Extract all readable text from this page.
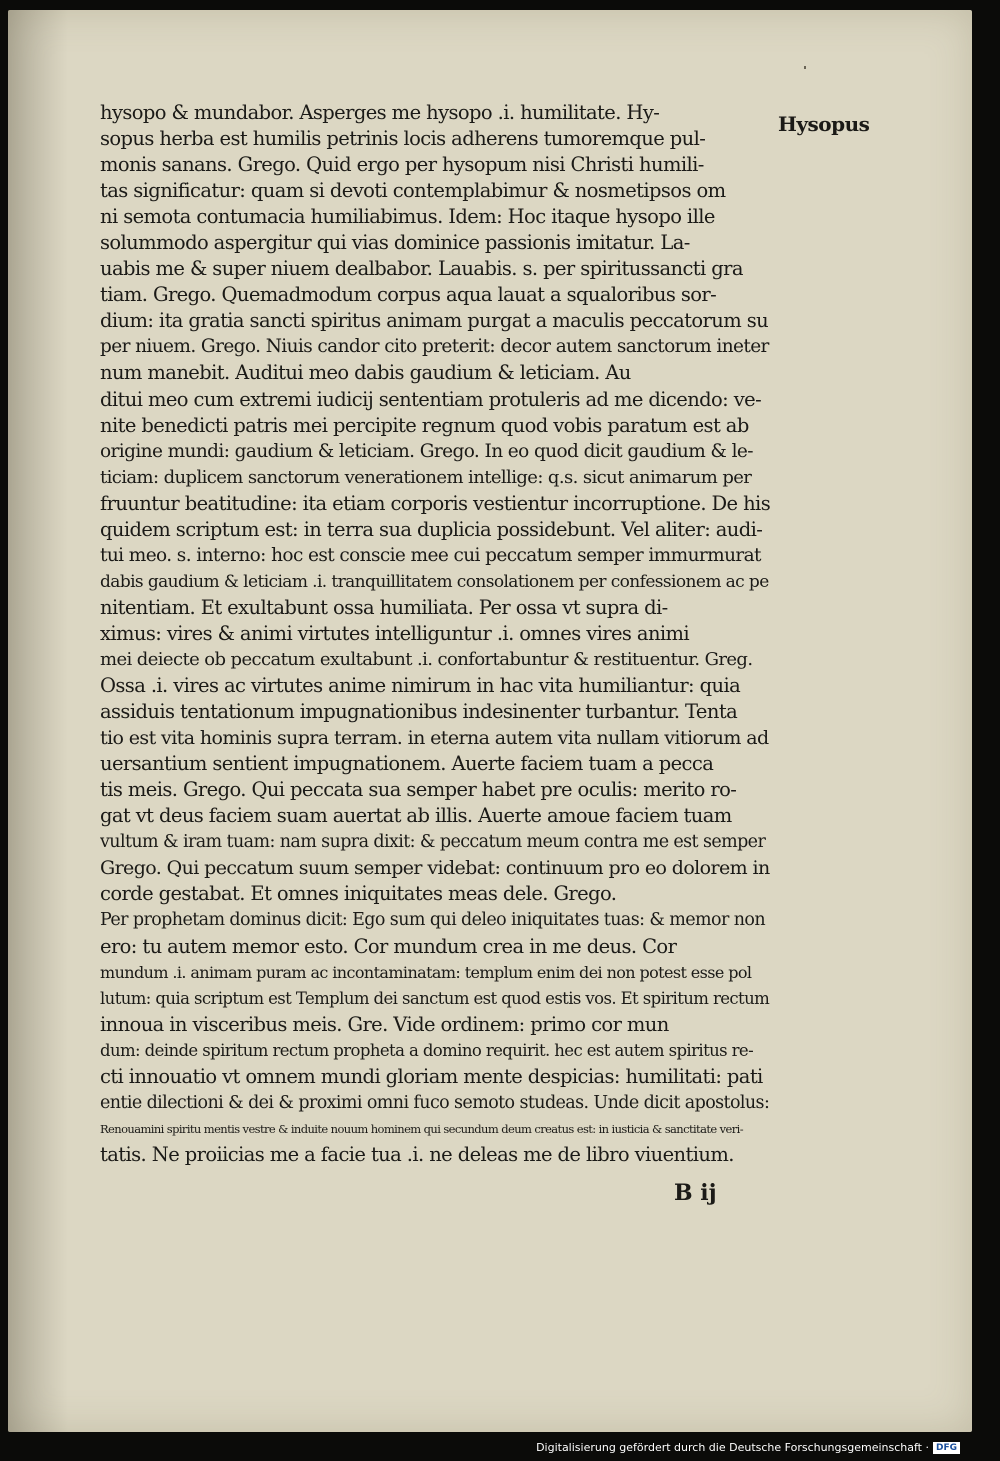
Hysopus
hysopo & mundabor. Asperges me hysopo .i. humilitate. Hy-
sopus herba est humilis petrinis locis adherens tumoremque pul-
monis sanans. Grego. Quid ergo per hysopum nisi Christi humili-
tas significatur: quam si devoti contemplabimur & nosmetipsos om
ni semota contumacia humiliabimus. Idem: Hoc itaque hysopo ille
solummodo aspergitur qui vias dominice passionis imitatur. La-
uabis me & super niuem dealbabor. Lauabis. s. per spiritussancti gra
tiam. Grego. Quemadmodum corpus aqua lauat a squaloribus sor-
dium: ita gratia sancti spiritus animam purgat a maculis peccatorum su
per niuem. Grego. Niuis candor cito preterit: decor autem sanctorum ineter
num manebit. Auditui meo dabis gaudium & leticiam. Au
ditui meo cum extremi iudicij sententiam protuleris ad me dicendo: ve-
nite benedicti patris mei percipite regnum quod vobis paratum est ab
origine mundi: gaudium & leticiam. Grego. In eo quod dicit gaudium & le-
ticiam: duplicem sanctorum venerationem intellige: q.s. sicut animarum per
fruuntur beatitudine: ita etiam corporis vestientur incorruptione. De his
quidem scriptum est: in terra sua duplicia possidebunt. Vel aliter: audi-
tui meo. s. interno: hoc est conscie mee cui peccatum semper immurmurat
dabis gaudium & leticiam .i. tranquillitatem consolationem per confessionem ac pe
nitentiam. Et exultabunt ossa humiliata. Per ossa vt supra di-
ximus: vires & animi virtutes intelliguntur .i. omnes vires animi
mei deiecte ob peccatum exultabunt .i. confortabuntur & restituentur. Greg.
Ossa .i. vires ac virtutes anime nimirum in hac vita humiliantur: quia
assiduis tentationum impugnationibus indesinenter turbantur. Tenta
tio est vita hominis supra terram. in eterna autem vita nullam vitiorum ad
uersantium sentient impugnationem. Auerte faciem tuam a pecca
tis meis. Grego. Qui peccata sua semper habet pre oculis: merito ro-
gat vt deus faciem suam auertat ab illis. Auerte amoue faciem tuam
vultum & iram tuam: nam supra dixit: & peccatum meum contra me est semper
Grego. Qui peccatum suum semper videbat: continuum pro eo dolorem in
corde gestabat. Et omnes iniquitates meas dele. Grego.
Per prophetam dominus dicit: Ego sum qui deleo iniquitates tuas: & memor non
ero: tu autem memor esto. Cor mundum crea in me deus. Cor
mundum .i. animam puram ac incontaminatam: templum enim dei non potest esse pol
lutum: quia scriptum est Templum dei sanctum est quod estis vos. Et spiritum rectum
innoua in visceribus meis. Gre. Vide ordinem: primo cor mun
dum: deinde spiritum rectum propheta a domino requirit. hec est autem spiritus re-
cti innouatio vt omnem mundi gloriam mente despicias: humilitati: pati
entie dilectioni & dei & proximi omni fuco semoto studeas. Unde dicit apostolus:
Renouamini spiritu mentis vestre & induite nouum hominem qui secundum deum creatus est: in iusticia & sanctitate veri-
tatis. Ne proiicias me a facie tua .i. ne deleas me de libro viuentium.
B ij
Digitalisierung gefördert durch die Deutsche Forschungsgemeinschaft · DFG
